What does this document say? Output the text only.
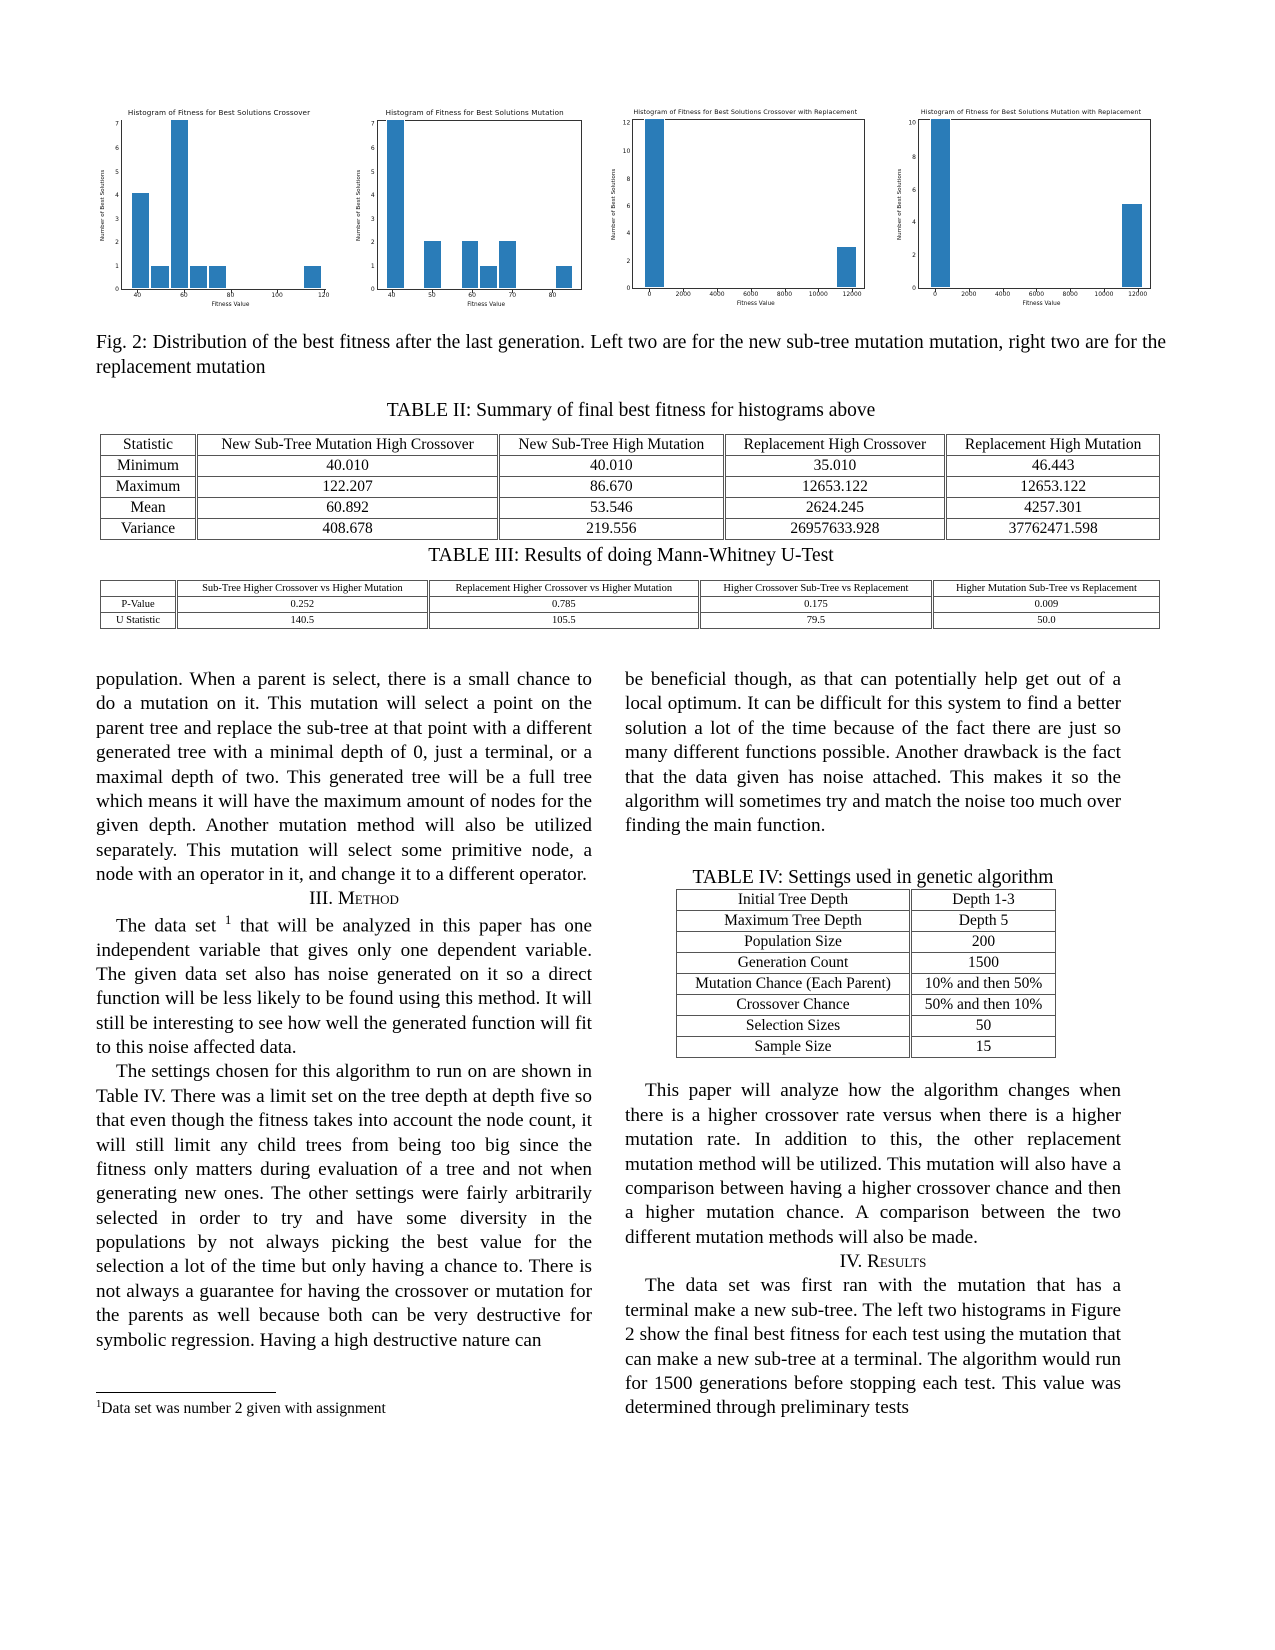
Histogram of Fitness for Best Solutions Crossover
Number of Best Solutions
7
6
5
4
3
2
1
0
40	60	80	100	120
Fitness Value
Histogram of Fitness for Best Solutions Mutation
Number of Best Solutions
7
6
5
4
3
2
1
0
40	50	60	70	80
Fitness Value
Histogram of Fitness for Best Solutions Crossover with Replacement
Number of Best Solutions
12
10
8
6
4
2
0
0	2000	4000	6000	8000	10000 12000
Fitness Value
Histogram of Fitness for Best Solutions Mutation with Replacement
Number of Best Solutions
10
8
6
4
2
0
0	2000	4000	6000	8000	10000 12000
Fitness Value
Fig. 2: Distribution of the best fitness after the last generation. Left two are for the new sub-tree mutation mutation, right two are for the replacement mutation
TABLE II: Summary of final best fitness for histograms above
Statistic	New Sub-Tree Mutation High Crossover	New Sub-Tree High Mutation	Replacement High Crossover	Replacement High Mutation
Minimum	40.010	40.010	35.010	46.443
Maximum	122.207	86.670	12653.122	12653.122
Mean	60.892	53.546	2624.245	4257.301
Variance	408.678	219.556	26957633.928	37762471.598
TABLE III: Results of doing Mann-Whitney U-Test
	Sub-Tree Higher Crossover vs Higher Mutation	Replacement Higher Crossover vs Higher Mutation	Higher Crossover Sub-Tree vs Replacement	Higher Mutation Sub-Tree vs Replacement
P-Value	0.252	0.785	0.175	0.009
U Statistic	140.5	105.5	79.5	50.0

population. When a parent is select, there is a small chance to do a mutation on it. This mutation will select a point on the parent tree and replace the sub-tree at that point with a different generated tree with a minimal depth of 0, just a terminal, or a maximal depth of two. This generated tree will be a full tree which means it will have the maximum amount of nodes for the given depth. Another mutation method will also be utilized separately. This mutation will select some primitive node, a node with an operator in it, and change it to a different operator.

III. Method

The data set $^1$ that will be analyzed in this paper has one independent variable that gives only one dependent variable. The given data set also has noise generated on it so a direct function will be less likely to be found using this method. It will still be interesting to see how well the generated function will fit to this noise affected data.

The settings chosen for this algorithm to run on are shown in Table IV. There was a limit set on the tree depth at depth five so that even though the fitness takes into account the node count, it will still limit any child trees from being too big since the fitness only matters during evaluation of a tree and not when generating new ones. The other settings were fairly arbitrarily selected in order to try and have some diversity in the populations by not always picking the best value for the selection a lot of the time but only having a chance to. There is not always a guarantee for having the crossover or mutation for the parents as well because both can be very destructive for symbolic regression. Having a high destructive nature can

be beneficial though, as that can potentially help get out of a local optimum. It can be difficult for this system to find a better solution a lot of the time because of the fact there are just so many different functions possible. Another drawback is the fact that the data given has noise attached. This makes it so the algorithm will sometimes try and match the noise too much over finding the main function.

TABLE IV: Settings used in genetic algorithm

This paper will analyze how the algorithm changes when there is a higher crossover rate versus when there is a higher mutation rate. In addition to this, the other replacement mutation method will be utilized. This mutation will also have a comparison between having a higher crossover chance and then a higher mutation chance. A comparison between the two different mutation methods will also be made.

IV. Results

The data set was first ran with the mutation that has a terminal make a new sub-tree. The left two histograms in Figure 2 show the final best fitness for each test using the mutation that can make a new sub-tree at a terminal. The algorithm would run for 1500 generations before stopping each test. This value was determined through preliminary tests

Initial Tree Depth	Depth 1-3
Maximum Tree Depth	Depth 5
Population Size	200
Generation Count	1500
Mutation Chance (Each Parent)	10% and then 50%
Crossover Chance	50% and then 10%
Selection Sizes	50
Sample Size	15
$^1$Data set was number 2 given with assignment
